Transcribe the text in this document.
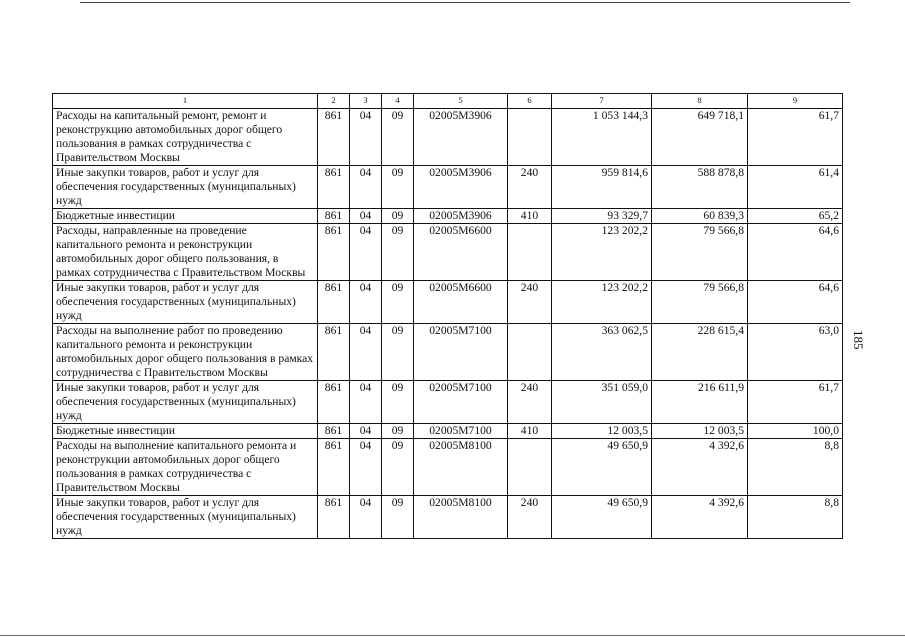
1	2	3	4	5	6	7	8	9
Расходы на капитальный ремонт, ремонт и реконструкцию автомобильных дорог общего пользования в рамках сотрудничества с Правительством Москвы	861	04	09	02005М3906		1 053 144,3	649 718,1	61,7
Иные закупки товаров, работ и услуг для обеспечения государственных (муниципальных) нужд	861	04	09	02005М3906	240	959 814,6	588 878,8	61,4
Бюджетные инвестиции	861	04	09	02005М3906	410	93 329,7	60 839,3	65,2
Расходы, направленные на проведение капитального ремонта и реконструкции автомобильных дорог общего пользования, в рамках сотрудничества с Правительством Москвы	861	04	09	02005М6600		123 202,2	79 566,8	64,6
Иные закупки товаров, работ и услуг для обеспечения государственных (муниципальных) нужд	861	04	09	02005М6600	240	123 202,2	79 566,8	64,6
Расходы на выполнение работ по проведению капитального ремонта и реконструкции автомобильных дорог общего пользования в рамках сотрудничества с Правительством Москвы	861	04	09	02005М7100		363 062,5	228 615,4	63,0
Иные закупки товаров, работ и услуг для обеспечения государственных (муниципальных) нужд	861	04	09	02005М7100	240	351 059,0	216 611,9	61,7
Бюджетные инвестиции	861	04	09	02005М7100	410	12 003,5	12 003,5	100,0
Расходы на выполнение капитального ремонта и реконструкции автомобильных дорог общего пользования в рамках сотрудничества с Правительством Москвы	861	04	09	02005М8100		49 650,9	4 392,6	8,8
Иные закупки товаров, работ и услуг для обеспечения государственных (муниципальных) нужд	861	04	09	02005М8100	240	49 650,9	4 392,6	8,8
185
